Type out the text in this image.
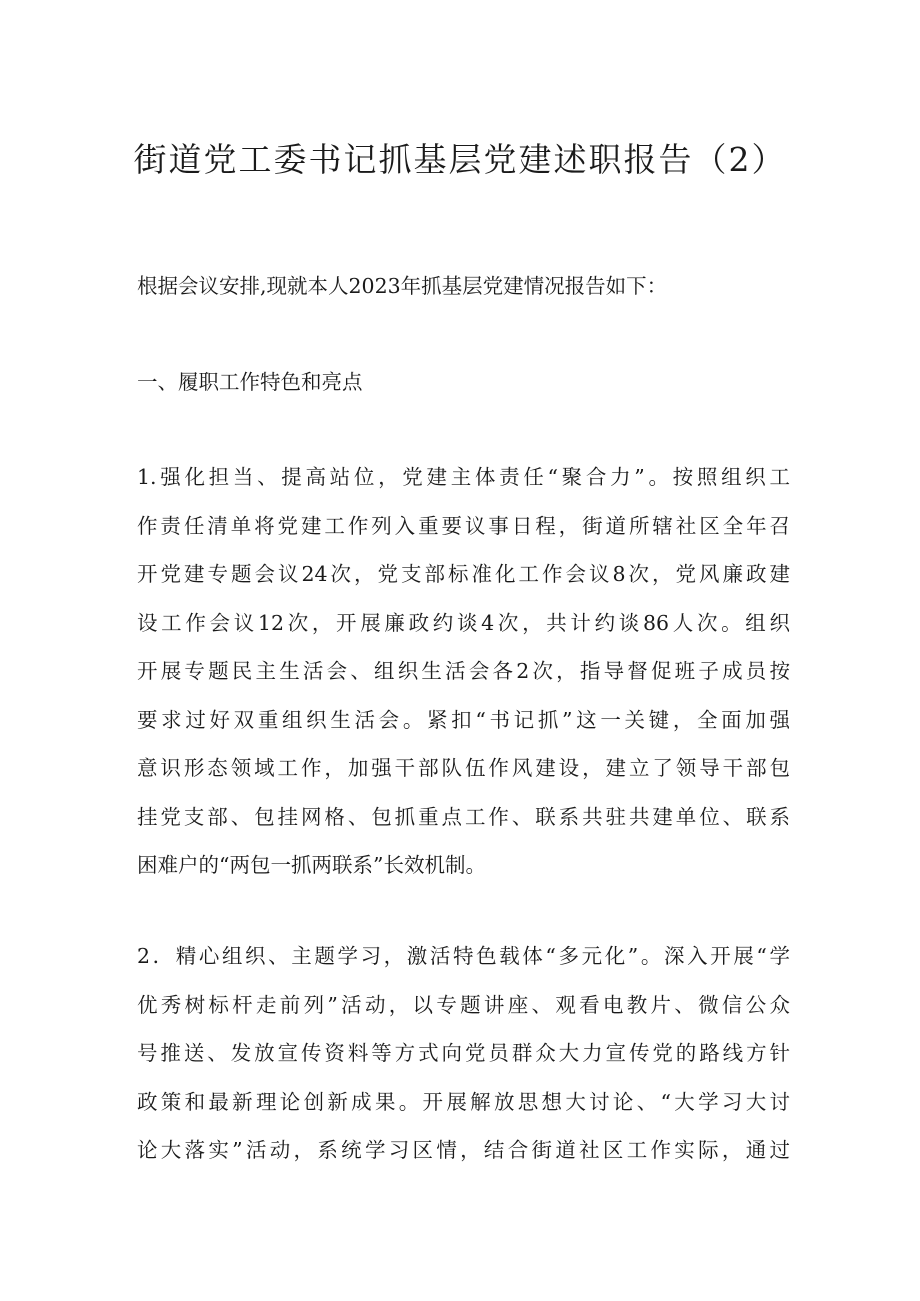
街道党工委书记抓基层党建述职报告（2）

根据会议安排,现就本人2023年抓基层党建情况报告如下：

一、履职工作特色和亮点

1.强化担当、提高站位，党建主体责任“聚合力”。按照组织工
作责任清单将党建工作列入重要议事日程，街道所辖社区全年召
开党建专题会议24次，党支部标准化工作会议8次，党风廉政建
设工作会议12次，开展廉政约谈4次，共计约谈86人次。组织
开展专题民主生活会、组织生活会各2次，指导督促班子成员按
要求过好双重组织生活会。紧扣“书记抓”这一关键，全面加强
意识形态领域工作，加强干部队伍作风建设，建立了领导干部包
挂党支部、包挂网格、包抓重点工作、联系共驻共建单位、联系
困难户的“两包一抓两联系”长效机制。
2．精心组织、主题学习，激活特色载体“多元化”。深入开展“学
优秀树标杆走前列”活动，以专题讲座、观看电教片、微信公众
号推送、发放宣传资料等方式向党员群众大力宣传党的路线方针
政策和最新理论创新成果。开展解放思想大讨论、“大学习大讨
论大落实”活动，系统学习区情，结合街道社区工作实际，通过
